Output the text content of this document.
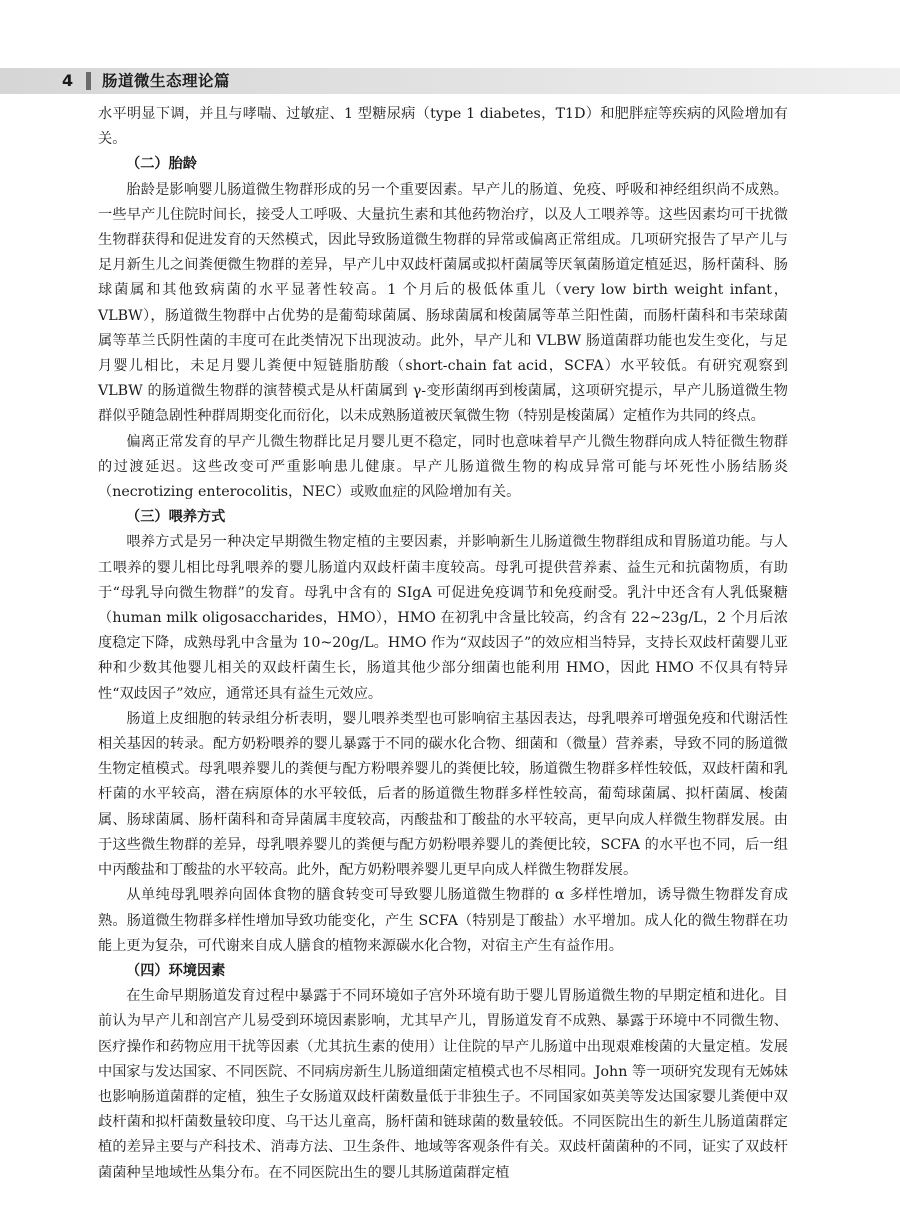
4 肠道微生态理论篇

水平明显下调，并且与哮喘、过敏症、1 型糖尿病（type 1 diabetes，T1D）和肥胖症等疾病的风险增加有关。

（二）胎龄

胎龄是影响婴儿肠道微生物群形成的另一个重要因素。早产儿的肠道、免疫、呼吸和神经组织尚不成熟。一些早产儿住院时间长，接受人工呼吸、大量抗生素和其他药物治疗，以及人工喂养等。这些因素均可干扰微生物群获得和促进发育的天然模式，因此导致肠道微生物群的异常或偏离正常组成。几项研究报告了早产儿与足月新生儿之间粪便微生物群的差异，早产儿中双歧杆菌属或拟杆菌属等厌氧菌肠道定植延迟，肠杆菌科、肠球菌属和其他致病菌的水平显著性较高。1 个月后的极低体重儿（very low birth weight infant，VLBW），肠道微生物群中占优势的是葡萄球菌属、肠球菌属和梭菌属等革兰阳性菌，而肠杆菌科和韦荣球菌属等革兰氏阴性菌的丰度可在此类情况下出现波动。此外，早产儿和 VLBW 肠道菌群功能也发生变化，与足月婴儿相比，未足月婴儿粪便中短链脂肪酸（short-chain fat acid，SCFA）水平较低。有研究观察到 VLBW 的肠道微生物群的演替模式是从杆菌属到 γ-变形菌纲再到梭菌属，这项研究提示，早产儿肠道微生物群似乎随急剧性种群周期变化而衍化，以未成熟肠道被厌氧微生物（特别是梭菌属）定植作为共同的终点。

偏离正常发育的早产儿微生物群比足月婴儿更不稳定，同时也意味着早产儿微生物群向成人特征微生物群的过渡延迟。这些改变可严重影响患儿健康。早产儿肠道微生物的构成异常可能与坏死性小肠结肠炎（necrotizing enterocolitis，NEC）或败血症的风险增加有关。

（三）喂养方式

喂养方式是另一种决定早期微生物定植的主要因素，并影响新生儿肠道微生物群组成和胃肠道功能。与人工喂养的婴儿相比母乳喂养的婴儿肠道内双歧杆菌丰度较高。母乳可提供营养素、益生元和抗菌物质，有助于“母乳导向微生物群”的发育。母乳中含有的 SIgA 可促进免疫调节和免疫耐受。乳汁中还含有人乳低聚糖（human milk oligosaccharides，HMO），HMO 在初乳中含量比较高，约含有 22~23g/L，2 个月后浓度稳定下降，成熟母乳中含量为 10~20g/L。HMO 作为“双歧因子”的效应相当特异，支持长双歧杆菌婴儿亚种和少数其他婴儿相关的双歧杆菌生长，肠道其他少部分细菌也能利用 HMO，因此 HMO 不仅具有特异性“双歧因子”效应，通常还具有益生元效应。

肠道上皮细胞的转录组分析表明，婴儿喂养类型也可影响宿主基因表达，母乳喂养可增强免疫和代谢活性相关基因的转录。配方奶粉喂养的婴儿暴露于不同的碳水化合物、细菌和（微量）营养素，导致不同的肠道微生物定植模式。母乳喂养婴儿的粪便与配方粉喂养婴儿的粪便比较，肠道微生物群多样性较低，双歧杆菌和乳杆菌的水平较高，潜在病原体的水平较低，后者的肠道微生物群多样性较高，葡萄球菌属、拟杆菌属、梭菌属、肠球菌属、肠杆菌科和奇异菌属丰度较高，丙酸盐和丁酸盐的水平较高，更早向成人样微生物群发展。由于这些微生物群的差异，母乳喂养婴儿的粪便与配方奶粉喂养婴儿的粪便比较，SCFA 的水平也不同，后一组中丙酸盐和丁酸盐的水平较高。此外，配方奶粉喂养婴儿更早向成人样微生物群发展。

从单纯母乳喂养向固体食物的膳食转变可导致婴儿肠道微生物群的 α 多样性增加，诱导微生物群发育成熟。肠道微生物群多样性增加导致功能变化，产生 SCFA（特别是丁酸盐）水平增加。成人化的微生物群在功能上更为复杂，可代谢来自成人膳食的植物来源碳水化合物，对宿主产生有益作用。

（四）环境因素

在生命早期肠道发育过程中暴露于不同环境如子宫外环境有助于婴儿胃肠道微生物的早期定植和进化。目前认为早产儿和剖宫产儿易受到环境因素影响，尤其早产儿，胃肠道发育不成熟、暴露于环境中不同微生物、医疗操作和药物应用干扰等因素（尤其抗生素的使用）让住院的早产儿肠道中出现艰难梭菌的大量定植。发展中国家与发达国家、不同医院、不同病房新生儿肠道细菌定植模式也不尽相同。John 等一项研究发现有无姊妹也影响肠道菌群的定植，独生子女肠道双歧杆菌数量低于非独生子。不同国家如英美等发达国家婴儿粪便中双歧杆菌和拟杆菌数量较印度、乌干达儿童高，肠杆菌和链球菌的数量较低。不同医院出生的新生儿肠道菌群定植的差异主要与产科技术、消毒方法、卫生条件、地域等客观条件有关。双歧杆菌菌种的不同，证实了双歧杆菌菌种呈地域性丛集分布。在不同医院出生的婴儿其肠道菌群定植
